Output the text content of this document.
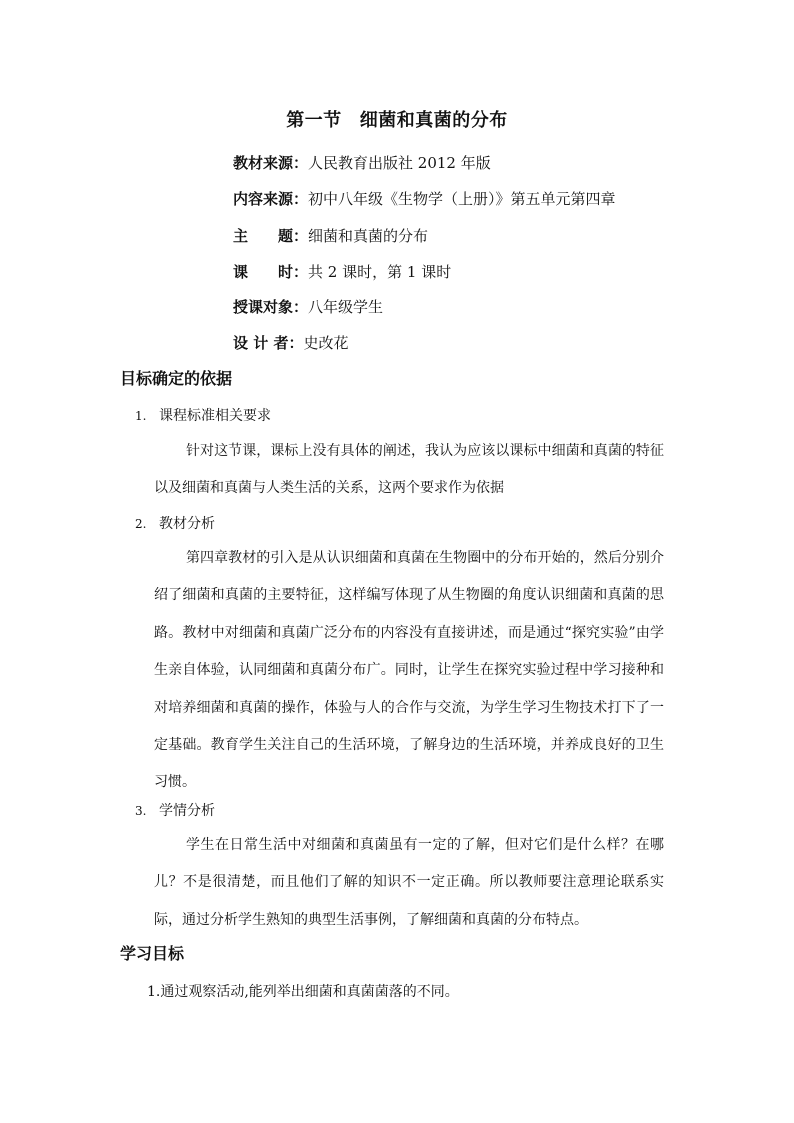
第一节 细菌和真菌的分布
教材来源：人民教育出版社 2012 年版
内容来源：初中八年级《生物学（上册）》第五单元第四章
主　　题：细菌和真菌的分布
课　　时：共 2 课时，第 1 课时
授课对象：八年级学生
设 计 者：史改花
目标确定的依据
1. 课程标准相关要求
针对这节课，课标上没有具体的阐述，我认为应该以课标中细菌和真菌的特征以及细菌和真菌与人类生活的关系，这两个要求作为依据
2. 教材分析
第四章教材的引入是从认识细菌和真菌在生物圈中的分布开始的，然后分别介绍了细菌和真菌的主要特征，这样编写体现了从生物圈的角度认识细菌和真菌的思路。教材中对细菌和真菌广泛分布的内容没有直接讲述，而是通过“探究实验”由学生亲自体验，认同细菌和真菌分布广。同时，让学生在探究实验过程中学习接种和对培养细菌和真菌的操作，体验与人的合作与交流，为学生学习生物技术打下了一定基础。教育学生关注自己的生活环境，了解身边的生活环境，并养成良好的卫生习惯。
3. 学情分析
学生在日常生活中对细菌和真菌虽有一定的了解，但对它们是什么样？在哪儿？不是很清楚，而且他们了解的知识不一定正确。所以教师要注意理论联系实际，通过分析学生熟知的典型生活事例，了解细菌和真菌的分布特点。
学习目标
1.通过观察活动,能列举出细菌和真菌菌落的不同。
